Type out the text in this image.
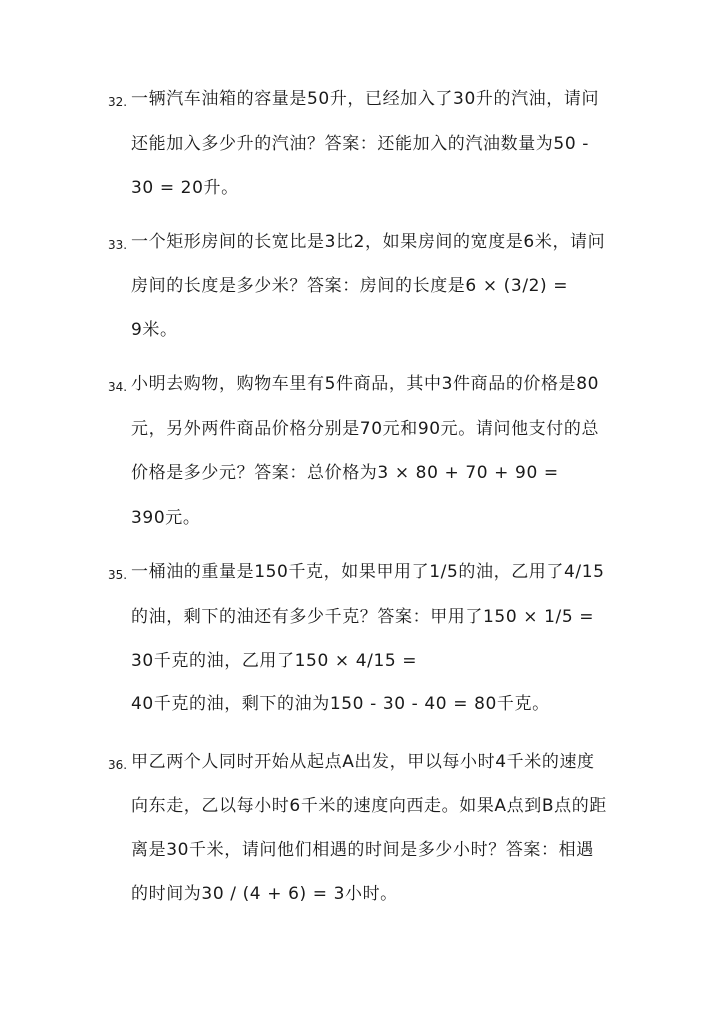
32. 一辆汽车油箱的容量是50升，已经加入了30升的汽油，请问
还能加入多少升的汽油？答案：还能加入的汽油数量为50 -
30 = 20升。
33. 一个矩形房间的长宽比是3比2，如果房间的宽度是6米，请问
房间的长度是多少米？答案：房间的长度是6 × (3/2) =
9米。
34. 小明去购物，购物车里有5件商品，其中3件商品的价格是80
元，另外两件商品价格分别是70元和90元。请问他支付的总
价格是多少元？答案：总价格为3 × 80 + 70 + 90 =
390元。
35. 一桶油的重量是150千克，如果甲用了1/5的油，乙用了4/15
的油，剩下的油还有多少千克？答案：甲用了150 × 1/5 =
30千克的油，乙用了150 × 4/15 =
40千克的油，剩下的油为150 - 30 - 40 = 80千克。
36. 甲乙两个人同时开始从起点A出发，甲以每小时4千米的速度
向东走，乙以每小时6千米的速度向西走。如果A点到B点的距
离是30千米，请问他们相遇的时间是多少小时？答案：相遇
的时间为30 / (4 + 6) = 3小时。
